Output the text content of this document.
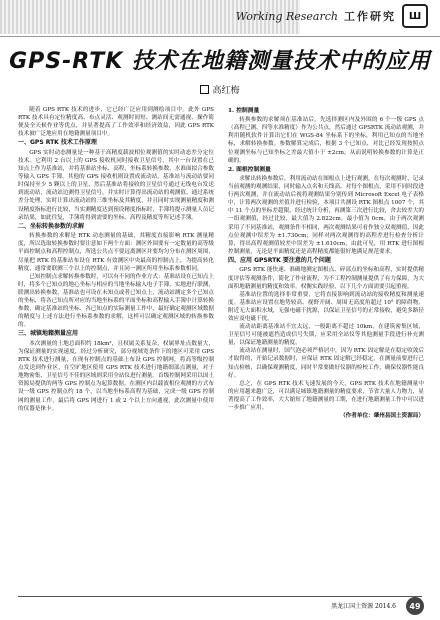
Working Research 工作研究	Ш
GPS-RTK 技术在地籍测量技术中的应用
高红梅

随着 GPS RTK 技术的进步，它已经广泛应用到测绘项目中。此外 GPS RTK 技术具有定位精度高、布点灵活、观测时间短、测站间无需通视、操作简便及全天候作业等优点，并显著提高了工作效率和经济效益，因此 GPS RTK 技术被广泛地应用在地籍测量项目中。

一、GPS RTK 技术工作原理

GPS 实时动态测量是一种基于高精度载波相位观测值的实时动态差分定位技术。它利用 2 台以上的 GPS 接收机同时接收卫星信号，其中一台设置在已知点上作为基准站，并将基准站坐标、高程、坐标系转换参数、水准面拟合参数等输入 GPS 手簿，其他的 GPS 接收机则设置成流动站。基准站与流动站要同时保持至少 5 颗以上的卫星，然后基准站将接收的卫星信号通过无线电台发送到流动站，流动站边测得卫星信号，并实时计算得出流动站的观测值，通过系统差分处理，实时计算出流动站的三维坐标及其精度，并且同时实现测量精度和测设精度指标进行比较，当实测精度达到预设精度指标时，手簿将提示测量人员记录结果，如此往复，手簿将得到需要的坐标、高程及精度等所记述手簿。

二、坐标转换参数的求解

转换参数的求解是 RTK 动态测量的基础，其精度直接影响 RTK 测量精度，所以选取转换参数时要注意如下两个方面：测区外围要有一定数量的高等级平面控制点和高程控制点，所选公共点不要远离测区并要均匀分布在测区周围，尽量把 RTK 的基准站布设在 RTK 有效测区中央最高的控制点上，为提高转化精度，通常要联测三个以上的控制点，并且同一测区所用坐标系参数相同。

已知控制点求解转换参数时，可以有不同的作业方式：基准站设在已知点上时，将多个已知点的地心坐标与相应的当地坐标输入电子手簿，实地进行联测，联测出转换参数，基准站也可设在未知点或者已知点上，流动站测定多个已知点的坐标，将各已知点所对应的当地坐标系的平面坐标和高程输入手簿中计算转换参数，确定基准站的坐标、各已知点的实际测量工作中，最好确定观测区域数据的精度与上述方法进行坐标系参数的求解，这样可以确定观测区域的转换参数的。

三、城镇地籍测量应用

本次测量的土地总面积约 18km²，且权属关系复杂，权属界址点数量大，为保证测量的实现速度，经过分析研究，部分视域宽条件下的地区可采用 GPS RTK 技术进行测量，在现有控制点的基础上布设 GPS 控制网，将高等级控制点发送到作业区，在空旷地区使用 GPS RTK 技术进行地籍细部点测量，对于地物密集、卫星信号不佳的区域则采用全站仪进行测量。首级控制网采用以国土资源局提供的两等 GPS 控制点为起算数据。在测区内以载波相位观测的方式布设一级 GPS 控制点约 18 个，以当地坐标系高程为基础，完成一级 GPS 控制网的测量工作，最后将 GPS 网进行 1 或 2 个以上方向通视，此次测量中使用的仪器是徕卡。

1. 控制测量

转换参数的求解须在基准站后，先选择测区内及外围的 6 个一级 GPS 点（高程已测、四等水准精度）作为公共点，然后通过 GPSRTK 流动站观测，并利用随机软件计算出它们在 WGS-84 坐标系下的坐标，利用已知点的当地坐标，求解转换参数。参数解算完成后，根据 3 个已知点，对比已经发现按照点位观测坐标与已知坐标之差最大值小于 ±2cm，从而说明转换参数的计算是正确的。

2. 图根控制测量

求解出转换参数后，利用流动站在图根点上进行观测，在每次观测时，记录当前观测的观测结果，同时输入点名和天线高，对每个图根点，采用不同时段进行两次观测，并在流动站后视将观测结果分别传到 Microsoft Excel 电子表格中，计算两次观测的差值并进行检验，本项目共测设 RTK 图根点 1007 个，其中 11 个点的坐标差超限，经过统计分析，再测第三次进行比较，舍去较差大的一组观测值，经过比较，最大值为 2.822cm，最小值为 0cm，由于两次观测采用了不同基准站，观测条件不相同，两次观测结果可看作独立双观测值，因此点位观测中误差为 ±1.730cm；同样对两次观测得的高程差进行检查分析计算，得出高程观测值较差中误差为 ±1.610cm，由此可见，用 RTK 进行图根控制测量，无论是平面精度还是高程精度都能很好地满足规范要求。

四、应用 GPSRTK 要注意的几个问题

GPS RTK 能快速、准确地测定图根点、碎部点的坐标和高程，实时提供精度评估等观测条件，简化了作业流程，为不工程控制测量提供了有力保障，为大面积地籍测量的精度和效率，权衡实践经验，以下几个方面需要引起重视。

基准站位置的选择非常重要，它将直接影响到流动站的接收精度和测量速度。基准站应设置在地势较高、视野开阔、周围无高度角超过 10° 的障碍物，附近无大面积水域，无强电磁干扰源，以保证卫星信号的正常接收，避免多路径效应及电磁干扰。

流动站距离基准站不宜太远，一般距离不超过 10km，在建筑密集区域，卫星信号可能被遮挡造成信号失锁，应采用全站仪等其他测量手段进行补充测量，以保证地籍测量的精度。

流动站在测量时，国气泡必须严格居中，因为 RTK 固定解是在稳定收敛后才取得的，开始记录数据时，应保证 RTK 固定解已经稳定，在测量前要进行已知点检核，以确保观测精度，同时平常要做好仪器的检校工作，确保仪器性能良好。

总之，在 GPS RTK 技术飞速发展的今天，GPS RTK 技术在地籍测量中的应用越来越广泛，可以满足城镇地籍测量的精度要求，节省大量人力物力，显著提高了工作效率，大大缩短了地籍测量的工期，在进行地籍测量工作中可以进一步推广应用。

（作者单位：肇州县国土资源局）

黑龙江国土资源 2014.6	49
